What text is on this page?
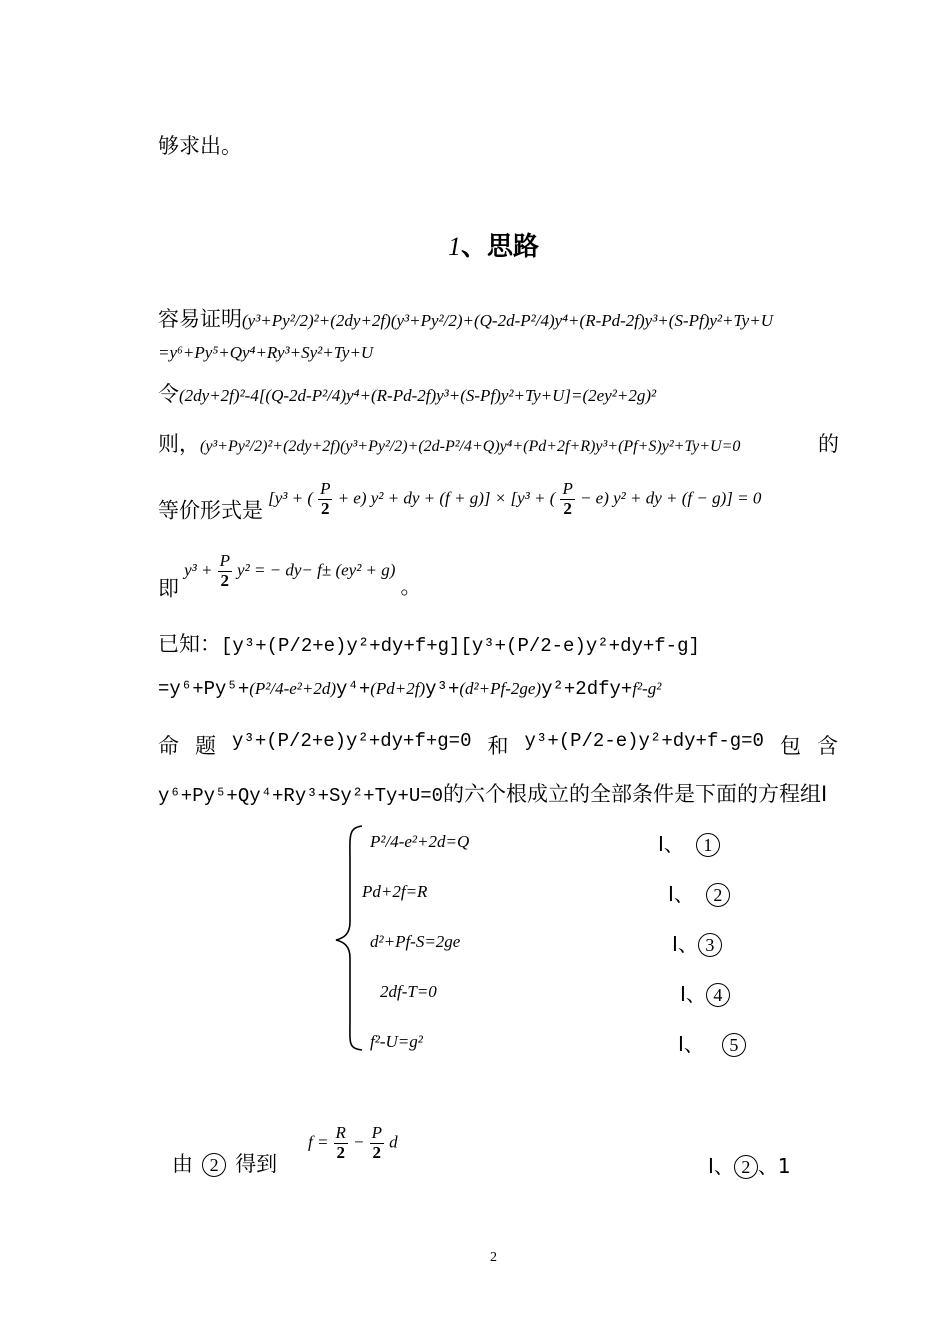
够求出。
1、思路
容易证明(y³+Py²/2)²+(2dy+2f)(y³+Py²/2)+(Q-2d-P²/4)y⁴+(R-Pd-2f)y³+(S-Pf)y²+Ty+U
=y⁶+Py⁵+Qy⁴+Ry³+Sy²+Ty+U
令(2dy+2f)²-4[(Q-2d-P²/4)y⁴+(R-Pd-2f)y³+(S-Pf)y²+Ty+U]=(2ey²+2g)²
则，(y³+Py²/2)²+(2dy+2f)(y³+Py²/2)+(2d-P²/4+Q)y⁴+(Pd+2f+R)y³+(Pf+S)y²+Ty+U=0	的
等价形式是 [y³ + ( $\frac{P}{2} + e$) y² + dy + (f + g)] × [y³ + ( $\frac{P}{2} - e$) y² + dy + (f − g)] = 0
即 $y^3 + \frac{P}{2} y^2$ = − dy− f± (ey² + g) 。
已知：[y³+(P/2+e)y²+dy+f+g][y³+(P/2-e)y²+dy+f-g]
=y⁶+Py⁵+(P²/4-e²+2d)y⁴+(Pd+2f)y³+(d²+Pf-2ge)y²+2dfy+f²-g²
命 题 y³+(P/2+e)y²+dy+f+g=0 和 y³+(P/2-e)y²+dy+f-g=0 包 含
y⁶+Py⁵+Qy⁴+Ry³+Sy²+Ty+U=0的六个根成立的全部条件是下面的方程组Ⅰ
P²/4-e²+2d=Q
Pd+2f=R
d²+Pf-S=2ge
2df-T=0
f²-U=g²
Ⅰ、 1
Ⅰ、 2
Ⅰ、 3
Ⅰ、 4
Ⅰ、 5
由 2 得到
$f = \frac{R}{2} - \frac{P}{2}$ d
Ⅰ、 2 、1
2
